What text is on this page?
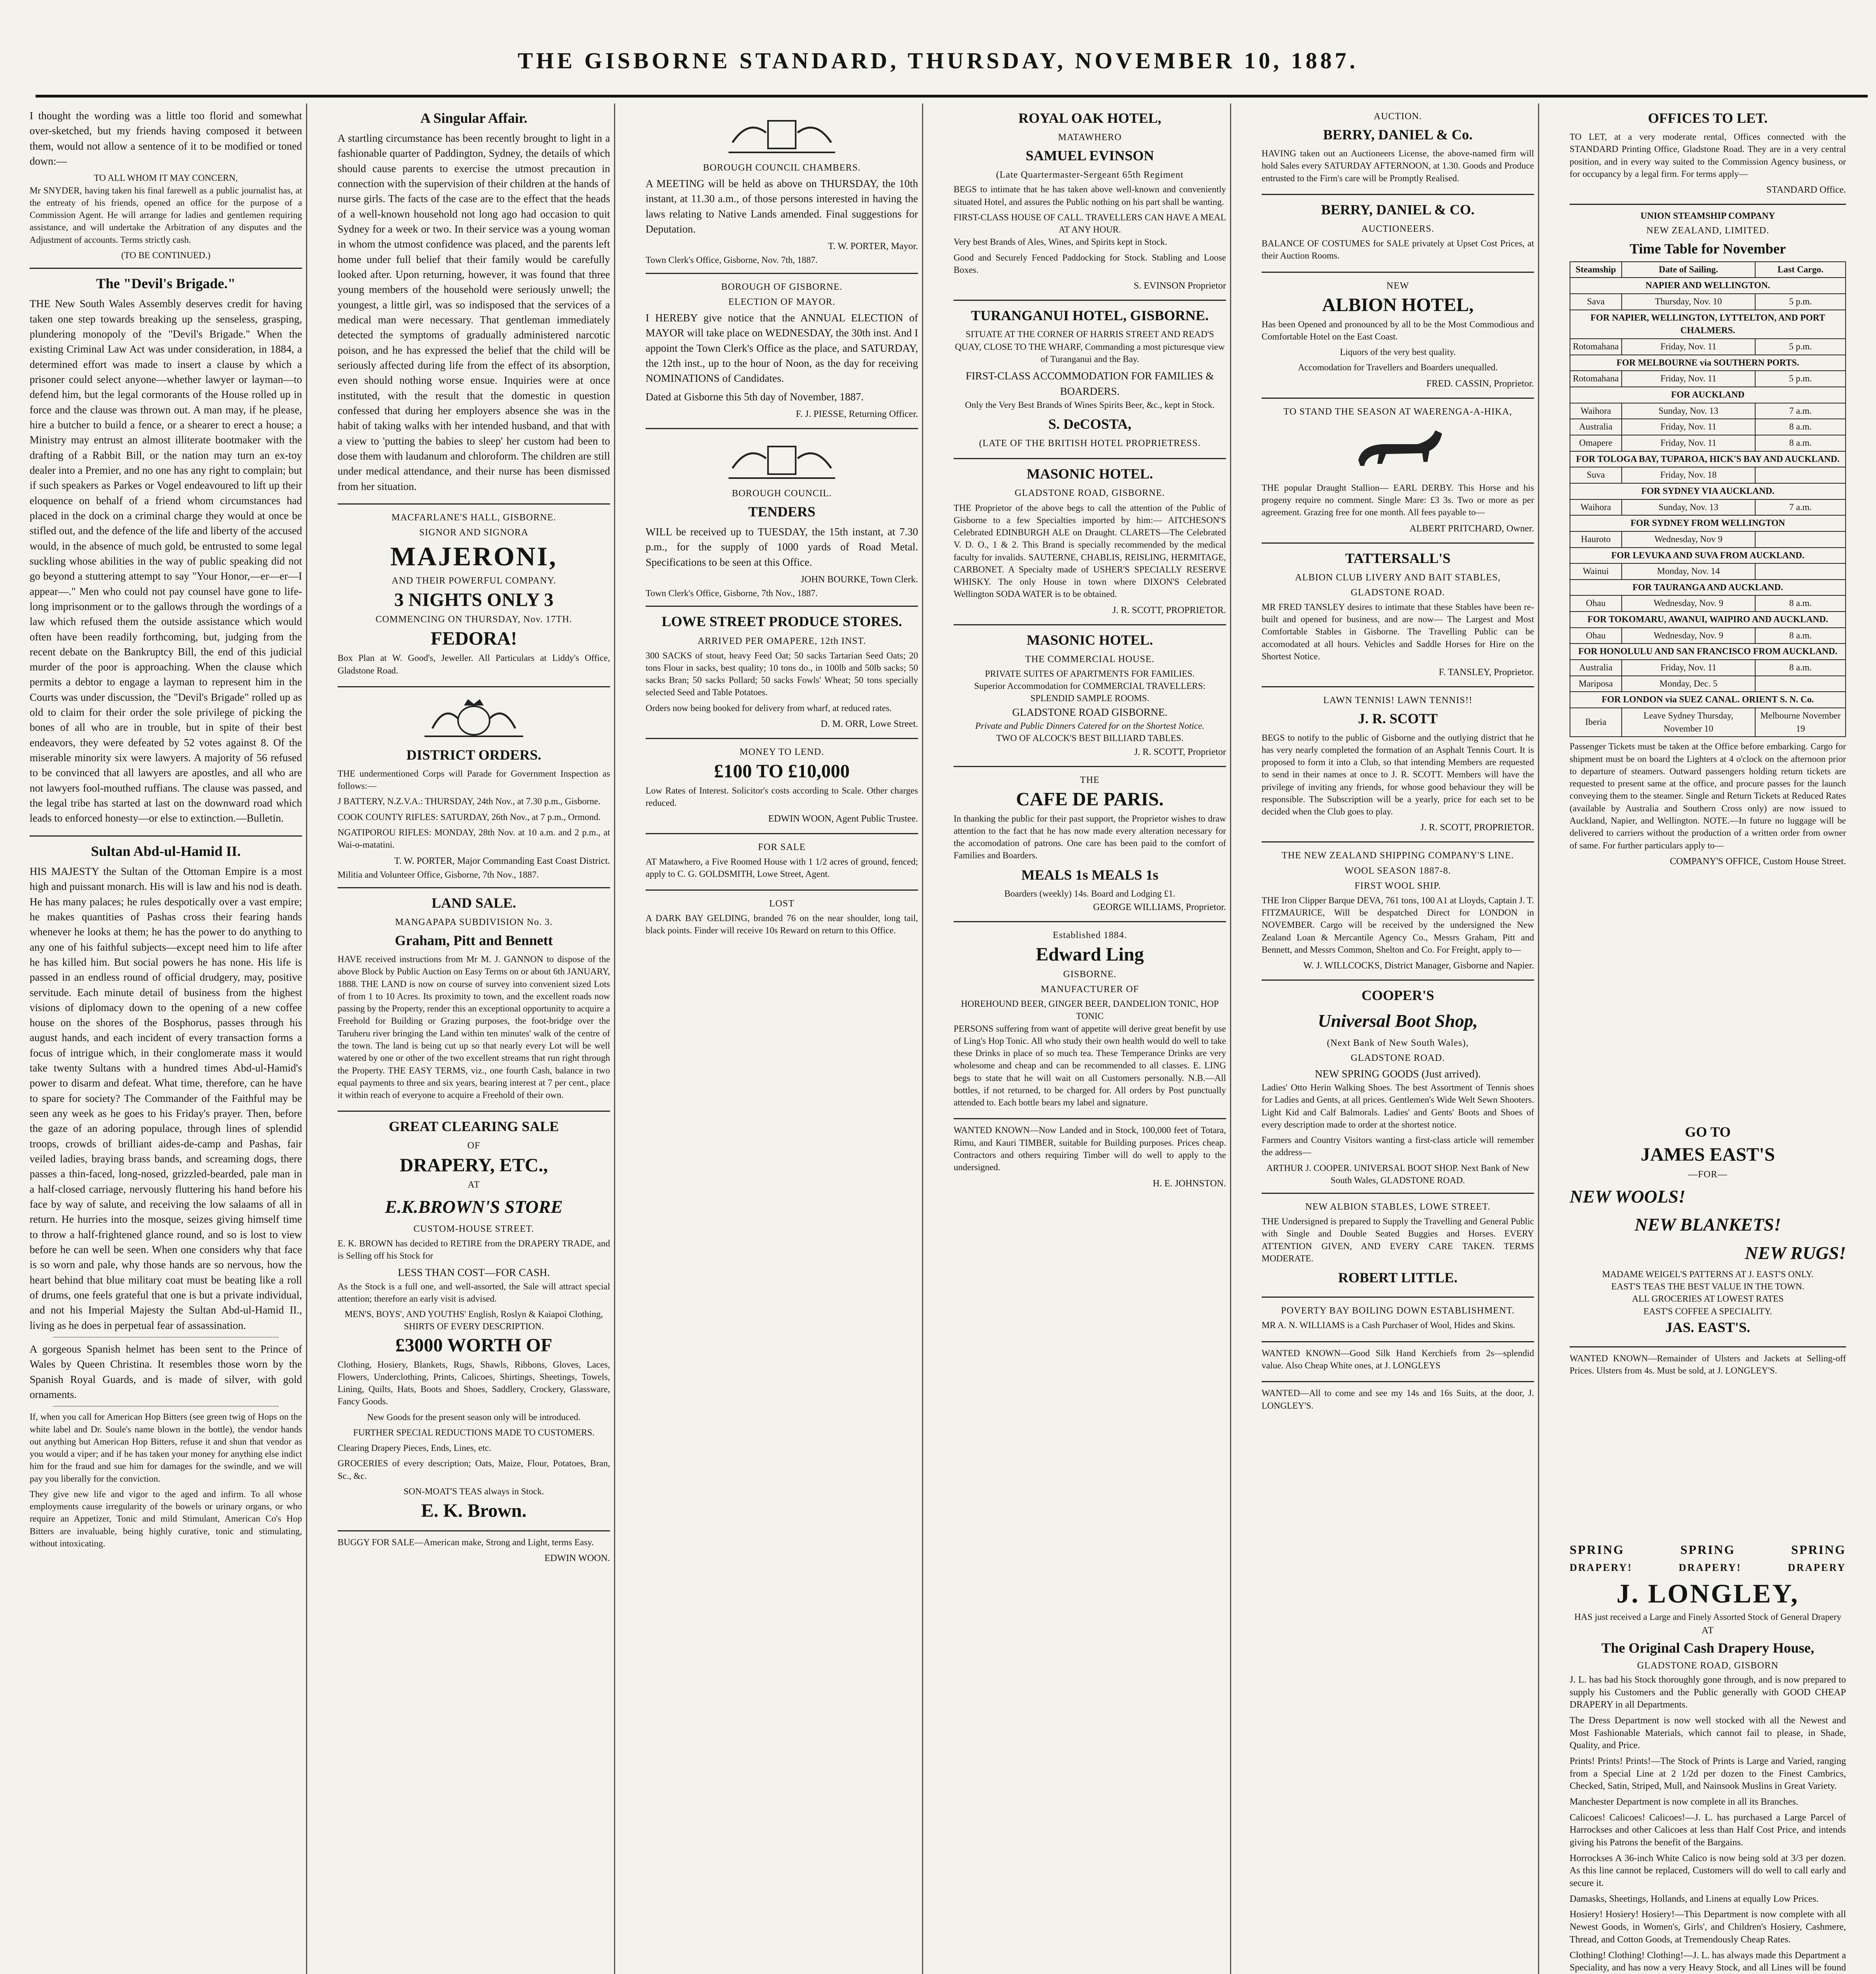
THE GISBORNE STANDARD, THURSDAY, NOVEMBER 10, 1887.

I thought the wording was a little too florid and somewhat over-sketched, but my friends having composed it between them, would not allow a sentence of it to be modified or toned down:—

TO ALL WHOM IT MAY CONCERN,

Mr SNYDER, having taken his final farewell as a public journalist has, at the entreaty of his friends, opened an office for the purpose of a Commission Agent. He will arrange for ladies and gentlemen requiring assistance, and will undertake the Arbitration of any disputes and the Adjustment of accounts. Terms strictly cash.

(TO BE CONTINUED.)
The "Devil's Brigade."

THE New South Wales Assembly deserves credit for having taken one step towards breaking up the senseless, grasping, plundering monopoly of the "Devil's Brigade." When the existing Criminal Law Act was under consideration, in 1884, a determined effort was made to insert a clause by which a prisoner could select anyone—whether lawyer or layman—to defend him, but the legal cormorants of the House rolled up in force and the clause was thrown out. A man may, if he please, hire a butcher to build a fence, or a shearer to erect a house; a Ministry may entrust an almost illiterate bootmaker with the drafting of a Rabbit Bill, or the nation may turn an ex-toy dealer into a Premier, and no one has any right to complain; but if such speakers as Parkes or Vogel endeavoured to lift up their eloquence on behalf of a friend whom circumstances had placed in the dock on a criminal charge they would at once be stifled out, and the defence of the life and liberty of the accused would, in the absence of much gold, be entrusted to some legal suckling whose abilities in the way of public speaking did not go beyond a stuttering attempt to say "Your Honor,—er—er—I appear—." Men who could not pay counsel have gone to life-long imprisonment or to the gallows through the wordings of a law which refused them the outside assistance which would often have been readily forthcoming, but, judging from the recent debate on the Bankruptcy Bill, the end of this judicial murder of the poor is approaching. When the clause which permits a debtor to engage a layman to represent him in the Courts was under discussion, the "Devil's Brigade" rolled up as old to claim for their order the sole privilege of picking the bones of all who are in trouble, but in spite of their best endeavors, they were defeated by 52 votes against 8. Of the miserable minority six were lawyers. A majority of 56 refused to be convinced that all lawyers are apostles, and all who are not lawyers fool-mouthed ruffians. The clause was passed, and the legal tribe has started at last on the downward road which leads to enforced honesty—or else to extinction.—Bulletin.

Sultan Abd-ul-Hamid II.

HIS MAJESTY the Sultan of the Ottoman Empire is a most high and puissant monarch. His will is law and his nod is death. He has many palaces; he rules despotically over a vast empire; he makes quantities of Pashas cross their fearing hands whenever he looks at them; he has the power to do anything to any one of his faithful subjects—except need him to life after he has killed him. But social powers he has none. His life is passed in an endless round of official drudgery, may, positive servitude. Each minute detail of business from the highest visions of diplomacy down to the opening of a new coffee house on the shores of the Bosphorus, passes through his august hands, and each incident of every transaction forms a focus of intrigue which, in their conglomerate mass it would take twenty Sultans with a hundred times Abd-ul-Hamid's power to disarm and defeat. What time, therefore, can he have to spare for society? The Commander of the Faithful may be seen any week as he goes to his Friday's prayer. Then, before the gaze of an adoring populace, through lines of splendid troops, crowds of brilliant aides-de-camp and Pashas, fair veiled ladies, braying brass bands, and screaming dogs, there passes a thin-faced, long-nosed, grizzled-bearded, pale man in a half-closed carriage, nervously fluttering his hand before his face by way of salute, and receiving the low salaams of all in return. He hurries into the mosque, seizes giving himself time to throw a half-frightened glance round, and so is lost to view before he can well be seen. When one considers why that face is so worn and pale, why those hands are so nervous, how the heart behind that blue military coat must be beating like a roll of drums, one feels grateful that one is but a private individual, and not his Imperial Majesty the Sultan Abd-ul-Hamid II., living as he does in perpetual fear of assassination.

A gorgeous Spanish helmet has been sent to the Prince of Wales by Queen Christina. It resembles those worn by the Spanish Royal Guards, and is made of silver, with gold ornaments.

If, when you call for American Hop Bitters (see green twig of Hops on the white label and Dr. Soule's name blown in the bottle), the vendor hands out anything but American Hop Bitters, refuse it and shun that vendor as you would a viper; and if he has taken your money for anything else indict him for the fraud and sue him for damages for the swindle, and we will pay you liberally for the conviction.

They give new life and vigor to the aged and infirm. To all whose employments cause irregularity of the bowels or urinary organs, or who require an Appetizer, Tonic and mild Stimulant, American Co's Hop Bitters are invaluable, being highly curative, tonic and stimulating, without intoxicating.

A Singular Affair.

A startling circumstance has been recently brought to light in a fashionable quarter of Paddington, Sydney, the details of which should cause parents to exercise the utmost precaution in connection with the supervision of their children at the hands of nurse girls. The facts of the case are to the effect that the heads of a well-known household not long ago had occasion to quit Sydney for a week or two. In their service was a young woman in whom the utmost confidence was placed, and the parents left home under full belief that their family would be carefully looked after. Upon returning, however, it was found that three young members of the household were seriously unwell; the youngest, a little girl, was so indisposed that the services of a medical man were necessary. That gentleman immediately detected the symptoms of gradually administered narcotic poison, and he has expressed the belief that the child will be seriously affected during life from the effect of its absorption, even should nothing worse ensue. Inquiries were at once instituted, with the result that the domestic in question confessed that during her employers absence she was in the habit of taking walks with her intended husband, and that with a view to 'putting the babies to sleep' her custom had been to dose them with laudanum and chloroform. The children are still under medical attendance, and their nurse has been dismissed from her situation.

MACFARLANE'S HALL, GISBORNE.
SIGNOR AND SIGNORA
MAJERONI,
AND THEIR POWERFUL COMPANY.
3 NIGHTS ONLY 3
COMMENCING ON THURSDAY, Nov. 17TH.
FEDORA!

Box Plan at W. Good's, Jeweller. All Particulars at Liddy's Office, Gladstone Road.

DISTRICT ORDERS.

THE undermentioned Corps will Parade for Government Inspection as follows:—

J BATTERY, N.Z.V.A.: THURSDAY, 24th Nov., at 7.30 p.m., Gisborne.

COOK COUNTY RIFLES: SATURDAY, 26th Nov., at 7 p.m., Ormond.

NGATIPOROU RIFLES: MONDAY, 28th Nov. at 10 a.m. and 2 p.m., at Wai-o-matatini.

T. W. PORTER, Major Commanding East Coast District.
Militia and Volunteer Office, Gisborne, 7th Nov., 1887.
LAND SALE.
MANGAPAPA SUBDIVISION No. 3.
Graham, Pitt and Bennett

HAVE received instructions from Mr M. J. GANNON to dispose of the above Block by Public Auction on Easy Terms on or about 6th JANUARY, 1888. THE LAND is now on course of survey into convenient sized Lots of from 1 to 10 Acres. Its proximity to town, and the excellent roads now passing by the Property, render this an exceptional opportunity to acquire a Freehold for Building or Grazing purposes, the foot-bridge over the Taruheru river bringing the Land within ten minutes' walk of the centre of the town. The land is being cut up so that nearly every Lot will be well watered by one or other of the two excellent streams that run right through the Property. THE EASY TERMS, viz., one fourth Cash, balance in two equal payments to three and six years, bearing interest at 7 per cent., place it within reach of everyone to acquire a Freehold of their own.

GREAT CLEARING SALE
OF
DRAPERY, ETC.,
AT
E.K.BROWN'S STORE
CUSTOM-HOUSE STREET.

E. K. BROWN has decided to RETIRE from the DRAPERY TRADE, and is Selling off his Stock for

LESS THAN COST—FOR CASH.

As the Stock is a full one, and well-assorted, the Sale will attract special attention; therefore an early visit is advised.

MEN'S, BOYS', AND YOUTHS' English, Roslyn & Kaiapoi Clothing,
SHIRTS OF EVERY DESCRIPTION.
£3000 WORTH OF

Clothing, Hosiery, Blankets, Rugs, Shawls, Ribbons, Gloves, Laces, Flowers, Underclothing, Prints, Calicoes, Shirtings, Sheetings, Towels, Lining, Quilts, Hats, Boots and Shoes, Saddlery, Crockery, Glassware, Fancy Goods.

New Goods for the present season only will be introduced.

FURTHER SPECIAL REDUCTIONS MADE TO CUSTOMERS.

Clearing Drapery Pieces, Ends, Lines, etc.

GROCERIES of every description; Oats, Maize, Flour, Potatoes, Bran, Sc., &c.

SON-MOAT'S TEAS always in Stock.

E. K. Brown.

BUGGY FOR SALE—American make, Strong and Light, terms Easy.

EDWIN WOON.
BOROUGH COUNCIL CHAMBERS.

A MEETING will be held as above on THURSDAY, the 10th instant, at 11.30 a.m., of those persons interested in having the laws relating to Native Lands amended. Final suggestions for Deputation.

T. W. PORTER, Mayor.
Town Clerk's Office, Gisborne, Nov. 7th, 1887.
BOROUGH OF GISBORNE.
ELECTION OF MAYOR.

I HEREBY give notice that the ANNUAL ELECTION of MAYOR will take place on WEDNESDAY, the 30th inst. And I appoint the Town Clerk's Office as the place, and SATURDAY, the 12th inst., up to the hour of Noon, as the day for receiving NOMINATIONS of Candidates.

Dated at Gisborne this 5th day of November, 1887.

F. J. PIESSE, Returning Officer.
BOROUGH COUNCIL.
TENDERS

WILL be received up to TUESDAY, the 15th instant, at 7.30 p.m., for the supply of 1000 yards of Road Metal. Specifications to be seen at this Office.

JOHN BOURKE, Town Clerk.
Town Clerk's Office, Gisborne, 7th Nov., 1887.
LOWE STREET PRODUCE STORES.
ARRIVED PER OMAPERE, 12th INST.

300 SACKS of stout, heavy Feed Oat; 50 sacks Tartarian Seed Oats; 20 tons Flour in sacks, best quality; 10 tons do., in 100lb and 50lb sacks; 50 sacks Bran; 50 sacks Pollard; 50 sacks Fowls' Wheat; 50 tons specially selected Seed and Table Potatoes.

Orders now being booked for delivery from wharf, at reduced rates.

D. M. ORR, Lowe Street.
MONEY TO LEND.
£100 TO £10,000

Low Rates of Interest. Solicitor's costs according to Scale. Other charges reduced.

EDWIN WOON, Agent Public Trustee.
FOR SALE

AT Matawhero, a Five Roomed House with 1 1/2 acres of ground, fenced; apply to C. G. GOLDSMITH, Lowe Street, Agent.

LOST

A DARK BAY GELDING, branded 76 on the near shoulder, long tail, black points. Finder will receive 10s Reward on return to this Office.

ROYAL OAK HOTEL,
MATAWHERO
SAMUEL EVINSON
(Late Quartermaster-Sergeant 65th Regiment

BEGS to intimate that he has taken above well-known and conveniently situated Hotel, and assures the Public nothing on his part shall be wanting.

FIRST-CLASS HOUSE OF CALL. TRAVELLERS CAN HAVE A MEAL AT ANY HOUR.

Very best Brands of Ales, Wines, and Spirits kept in Stock.

Good and Securely Fenced Paddocking for Stock. Stabling and Loose Boxes.

S. EVINSON Proprietor
TURANGANUI HOTEL, GISBORNE.

SITUATE AT THE CORNER OF HARRIS STREET AND READ'S QUAY, CLOSE TO THE WHARF, Commanding a most picturesque view of Turanganui and the Bay.

FIRST-CLASS ACCOMMODATION FOR FAMILIES & BOARDERS.

Only the Very Best Brands of Wines Spirits Beer, &c., kept in Stock.

S. DeCOSTA,
(LATE OF THE BRITISH HOTEL PROPRIETRESS.
MASONIC HOTEL.
GLADSTONE ROAD, GISBORNE.

THE Proprietor of the above begs to call the attention of the Public of Gisborne to a few Specialties imported by him:— AITCHESON'S Celebrated EDINBURGH ALE on Draught. CLARETS—The Celebrated V. D. O., 1 & 2. This Brand is specially recommended by the medical faculty for invalids. SAUTERNE, CHABLIS, REISLING, HERMITAGE, CARBONET. A Specialty made of USHER'S SPECIALLY RESERVE WHISKY. The only House in town where DIXON'S Celebrated Wellington SODA WATER is to be obtained.

J. R. SCOTT, PROPRIETOR.
MASONIC HOTEL.
THE COMMERCIAL HOUSE.
PRIVATE SUITES OF APARTMENTS FOR FAMILIES.
Superior Accommodation for COMMERCIAL TRAVELLERS: SPLENDID SAMPLE ROOMS.
GLADSTONE ROAD GISBORNE.
Private and Public Dinners Catered for on the Shortest Notice.
TWO OF ALCOCK'S BEST BILLIARD TABLES.
J. R. SCOTT, Proprietor
THE
CAFE DE PARIS.

In thanking the public for their past support, the Proprietor wishes to draw attention to the fact that he has now made every alteration necessary for the accomodation of patrons. One care has been paid to the comfort of Families and Boarders.

MEALS 1s MEALS 1s
Boarders (weekly) 14s. Board and Lodging £1.
GEORGE WILLIAMS, Proprietor.
Established 1884.
Edward Ling
GISBORNE.
MANUFACTURER OF
HOREHOUND BEER, GINGER BEER, DANDELION TONIC, HOP TONIC

PERSONS suffering from want of appetite will derive great benefit by use of Ling's Hop Tonic. All who study their own health would do well to take these Drinks in place of so much tea. These Temperance Drinks are very wholesome and cheap and can be recommended to all classes. E. LING begs to state that he will wait on all Customers personally. N.B.—All bottles, if not returned, to be charged for. All orders by Post punctually attended to. Each bottle bears my label and signature.

WANTED KNOWN—Now Landed and in Stock, 100,000 feet of Totara, Rimu, and Kauri TIMBER, suitable for Building purposes. Prices cheap. Contractors and others requiring Timber will do well to apply to the undersigned.

H. E. JOHNSTON.
AUCTION.
BERRY, DANIEL & Co.

HAVING taken out an Auctioneers License, the above-named firm will hold Sales every SATURDAY AFTERNOON, at 1.30. Goods and Produce entrusted to the Firm's care will be Promptly Realised.

BERRY, DANIEL & CO.
AUCTIONEERS.

BALANCE OF COSTUMES for SALE privately at Upset Cost Prices, at their Auction Rooms.

NEW
ALBION HOTEL,

Has been Opened and pronounced by all to be the Most Commodious and Comfortable Hotel on the East Coast.

Liquors of the very best quality.

Accomodation for Travellers and Boarders unequalled.

FRED. CASSIN, Proprietor.
TO STAND THE SEASON AT WAERENGA-A-HIKA,

THE popular Draught Stallion— EARL DERBY. This Horse and his progeny require no comment. Single Mare: £3 3s. Two or more as per agreement. Grazing free for one month. All fees payable to—

ALBERT PRITCHARD, Owner.
TATTERSALL'S
ALBION CLUB LIVERY AND BAIT STABLES,
GLADSTONE ROAD.

MR FRED TANSLEY desires to intimate that these Stables have been re-built and opened for business, and are now— The Largest and Most Comfortable Stables in Gisborne. The Travelling Public can be accomodated at all hours. Vehicles and Saddle Horses for Hire on the Shortest Notice.

F. TANSLEY, Proprietor.
LAWN TENNIS! LAWN TENNIS!!
J. R. SCOTT

BEGS to notify to the public of Gisborne and the outlying district that he has very nearly completed the formation of an Asphalt Tennis Court. It is proposed to form it into a Club, so that intending Members are requested to send in their names at once to J. R. SCOTT. Members will have the privilege of inviting any friends, for whose good behaviour they will be responsible. The Subscription will be a yearly, price for each set to be decided when the Club goes to play.

J. R. SCOTT, PROPRIETOR.
THE NEW ZEALAND SHIPPING COMPANY'S LINE.
WOOL SEASON 1887-8.
FIRST WOOL SHIP.

THE Iron Clipper Barque DEVA, 761 tons, 100 A1 at Lloyds, Captain J. T. FITZMAURICE, Will be despatched Direct for LONDON in NOVEMBER. Cargo will be received by the undersigned the New Zealand Loan & Mercantile Agency Co., Messrs Graham, Pitt and Bennett, and Messrs Common, Shelton and Co. For Freight, apply to—

W. J. WILLCOCKS, District Manager, Gisborne and Napier.
COOPER'S
Universal Boot Shop,
(Next Bank of New South Wales),
GLADSTONE ROAD.
NEW SPRING GOODS (Just arrived).

Ladies' Otto Herin Walking Shoes. The best Assortment of Tennis shoes for Ladies and Gents, at all prices. Gentlemen's Wide Welt Sewn Shooters. Light Kid and Calf Balmorals. Ladies' and Gents' Boots and Shoes of every description made to order at the shortest notice.

Farmers and Country Visitors wanting a first-class article will remember the address—

ARTHUR J. COOPER. UNIVERSAL BOOT SHOP. Next Bank of New South Wales, GLADSTONE ROAD.
NEW ALBION STABLES, LOWE STREET.

THE Undersigned is prepared to Supply the Travelling and General Public with Single and Double Seated Buggies and Horses. EVERY ATTENTION GIVEN, AND EVERY CARE TAKEN. TERMS MODERATE.

ROBERT LITTLE.
POVERTY BAY BOILING DOWN ESTABLISHMENT.

MR A. N. WILLIAMS is a Cash Purchaser of Wool, Hides and Skins.

WANTED KNOWN—Good Silk Hand Kerchiefs from 2s—splendid value. Also Cheap White ones, at J. LONGLEYS

WANTED—All to come and see my 14s and 16s Suits, at the door, J. LONGLEY'S.

OFFICES TO LET.

TO LET, at a very moderate rental, Offices connected with the STANDARD Printing Office, Gladstone Road. They are in a very central position, and in every way suited to the Commission Agency business, or for occupancy by a legal firm. For terms apply—

STANDARD Office.
UNION STEAMSHIP COMPANY
NEW ZEALAND, LIMITED.
Time Table for November
Steamship	Date of Sailing.	Last Cargo.
NAPIER AND WELLINGTON.		
Sava	Thursday, Nov. 10	5 p.m.
FOR NAPIER, WELLINGTON, LYTTELTON, AND PORT CHALMERS.		
Rotomahana	Friday, Nov. 11	5 p.m.
FOR MELBOURNE via SOUTHERN PORTS.		
Rotomahana	Friday, Nov. 11	5 p.m.
FOR AUCKLAND		
Waihora	Sunday, Nov. 13	7 a.m.
Australia	Friday, Nov. 11	8 a.m.
Omapere	Friday, Nov. 11	8 a.m.
FOR TOLOGA BAY, TUPAROA, HICK'S BAY AND AUCKLAND.		
Suva	Friday, Nov. 18	
FOR SYDNEY VIA AUCKLAND.		
Waihora	Sunday, Nov. 13	7 a.m.
FOR SYDNEY FROM WELLINGTON		
Hauroto	Wednesday, Nov 9	
FOR LEVUKA AND SUVA FROM AUCKLAND.		
Wainui	Monday, Nov. 14	
FOR TAURANGA AND AUCKLAND.		
Ohau	Wednesday, Nov. 9	8 a.m.
FOR TOKOMARU, AWANUI, WAIPIRO AND AUCKLAND.		
Ohau	Wednesday, Nov. 9	8 a.m.
FOR HONOLULU AND SAN FRANCISCO FROM AUCKLAND.		
Australia	Friday, Nov. 11	8 a.m.
Mariposa	Monday, Dec. 5	
FOR LONDON via SUEZ CANAL. ORIENT S. N. Co.		
Iberia	Leave Sydney Thursday, November 10	Melbourne November 19

Passenger Tickets must be taken at the Office before embarking. Cargo for shipment must be on board the Lighters at 4 o'clock on the afternoon prior to departure of steamers. Outward passengers holding return tickets are requested to present same at the office, and procure passes for the launch conveying them to the steamer. Single and Return Tickets at Reduced Rates (available by Australia and Southern Cross only) are now issued to Auckland, Napier, and Wellington. NOTE.—In future no luggage will be delivered to carriers without the production of a written order from owner of same. For further particulars apply to—

COMPANY'S OFFICE, Custom House Street.
GO TO
JAMES EAST'S
—FOR—
NEW WOOLS!
NEW BLANKETS!
NEW RUGS!
MADAME WEIGEL'S PATTERNS AT J. EAST'S ONLY.
EAST'S TEAS THE BEST VALUE IN THE TOWN.
ALL GROCERIES AT LOWEST RATES
EAST'S COFFEE A SPECIALITY.
JAS. EAST'S.

WANTED KNOWN—Remainder of Ulsters and Jackets at Selling-off Prices. Ulsters from 4s. Must be sold, at J. LONGLEY'S.

SPRING	SPRING	SPRING
DRAPERY!	DRAPERY!	DRAPERY
J. LONGLEY,
HAS just received a Large and Finely Assorted Stock of General Drapery
AT
The Original Cash Drapery House,
GLADSTONE ROAD, GISBORN

J. L. has bad his Stock thoroughly gone through, and is now prepared to supply his Customers and the Public generally with GOOD CHEAP DRAPERY in all Departments.

The Dress Department is now well stocked with all the Newest and Most Fashionable Materials, which cannot fail to please, in Shade, Quality, and Price.

Prints! Prints! Prints!—The Stock of Prints is Large and Varied, ranging from a Special Line at 2 1/2d per dozen to the Finest Cambrics, Checked, Satin, Striped, Mull, and Nainsook Muslins in Great Variety.

Manchester Department is now complete in all its Branches.

Calicoes! Calicoes! Calicoes!—J. L. has purchased a Large Parcel of Harrockses and other Calicoes at less than Half Cost Price, and intends giving his Patrons the benefit of the Bargains.

Horrockses A 36-inch White Calico is now being sold at 3/3 per dozen. As this line cannot be replaced, Customers will do well to call early and secure it.

Damasks, Sheetings, Hollands, and Linens at equally Low Prices.

Hosiery! Hosiery! Hosiery!—This Department is now complete with all Newest Goods, in Women's, Girls', and Children's Hosiery, Cashmere, Thread, and Cotton Goods, at Tremendously Cheap Rates.

Clothing! Clothing! Clothing!—J. L. has always made this Department a Speciality, and has now a very Heavy Stock, and all Lines will be found
